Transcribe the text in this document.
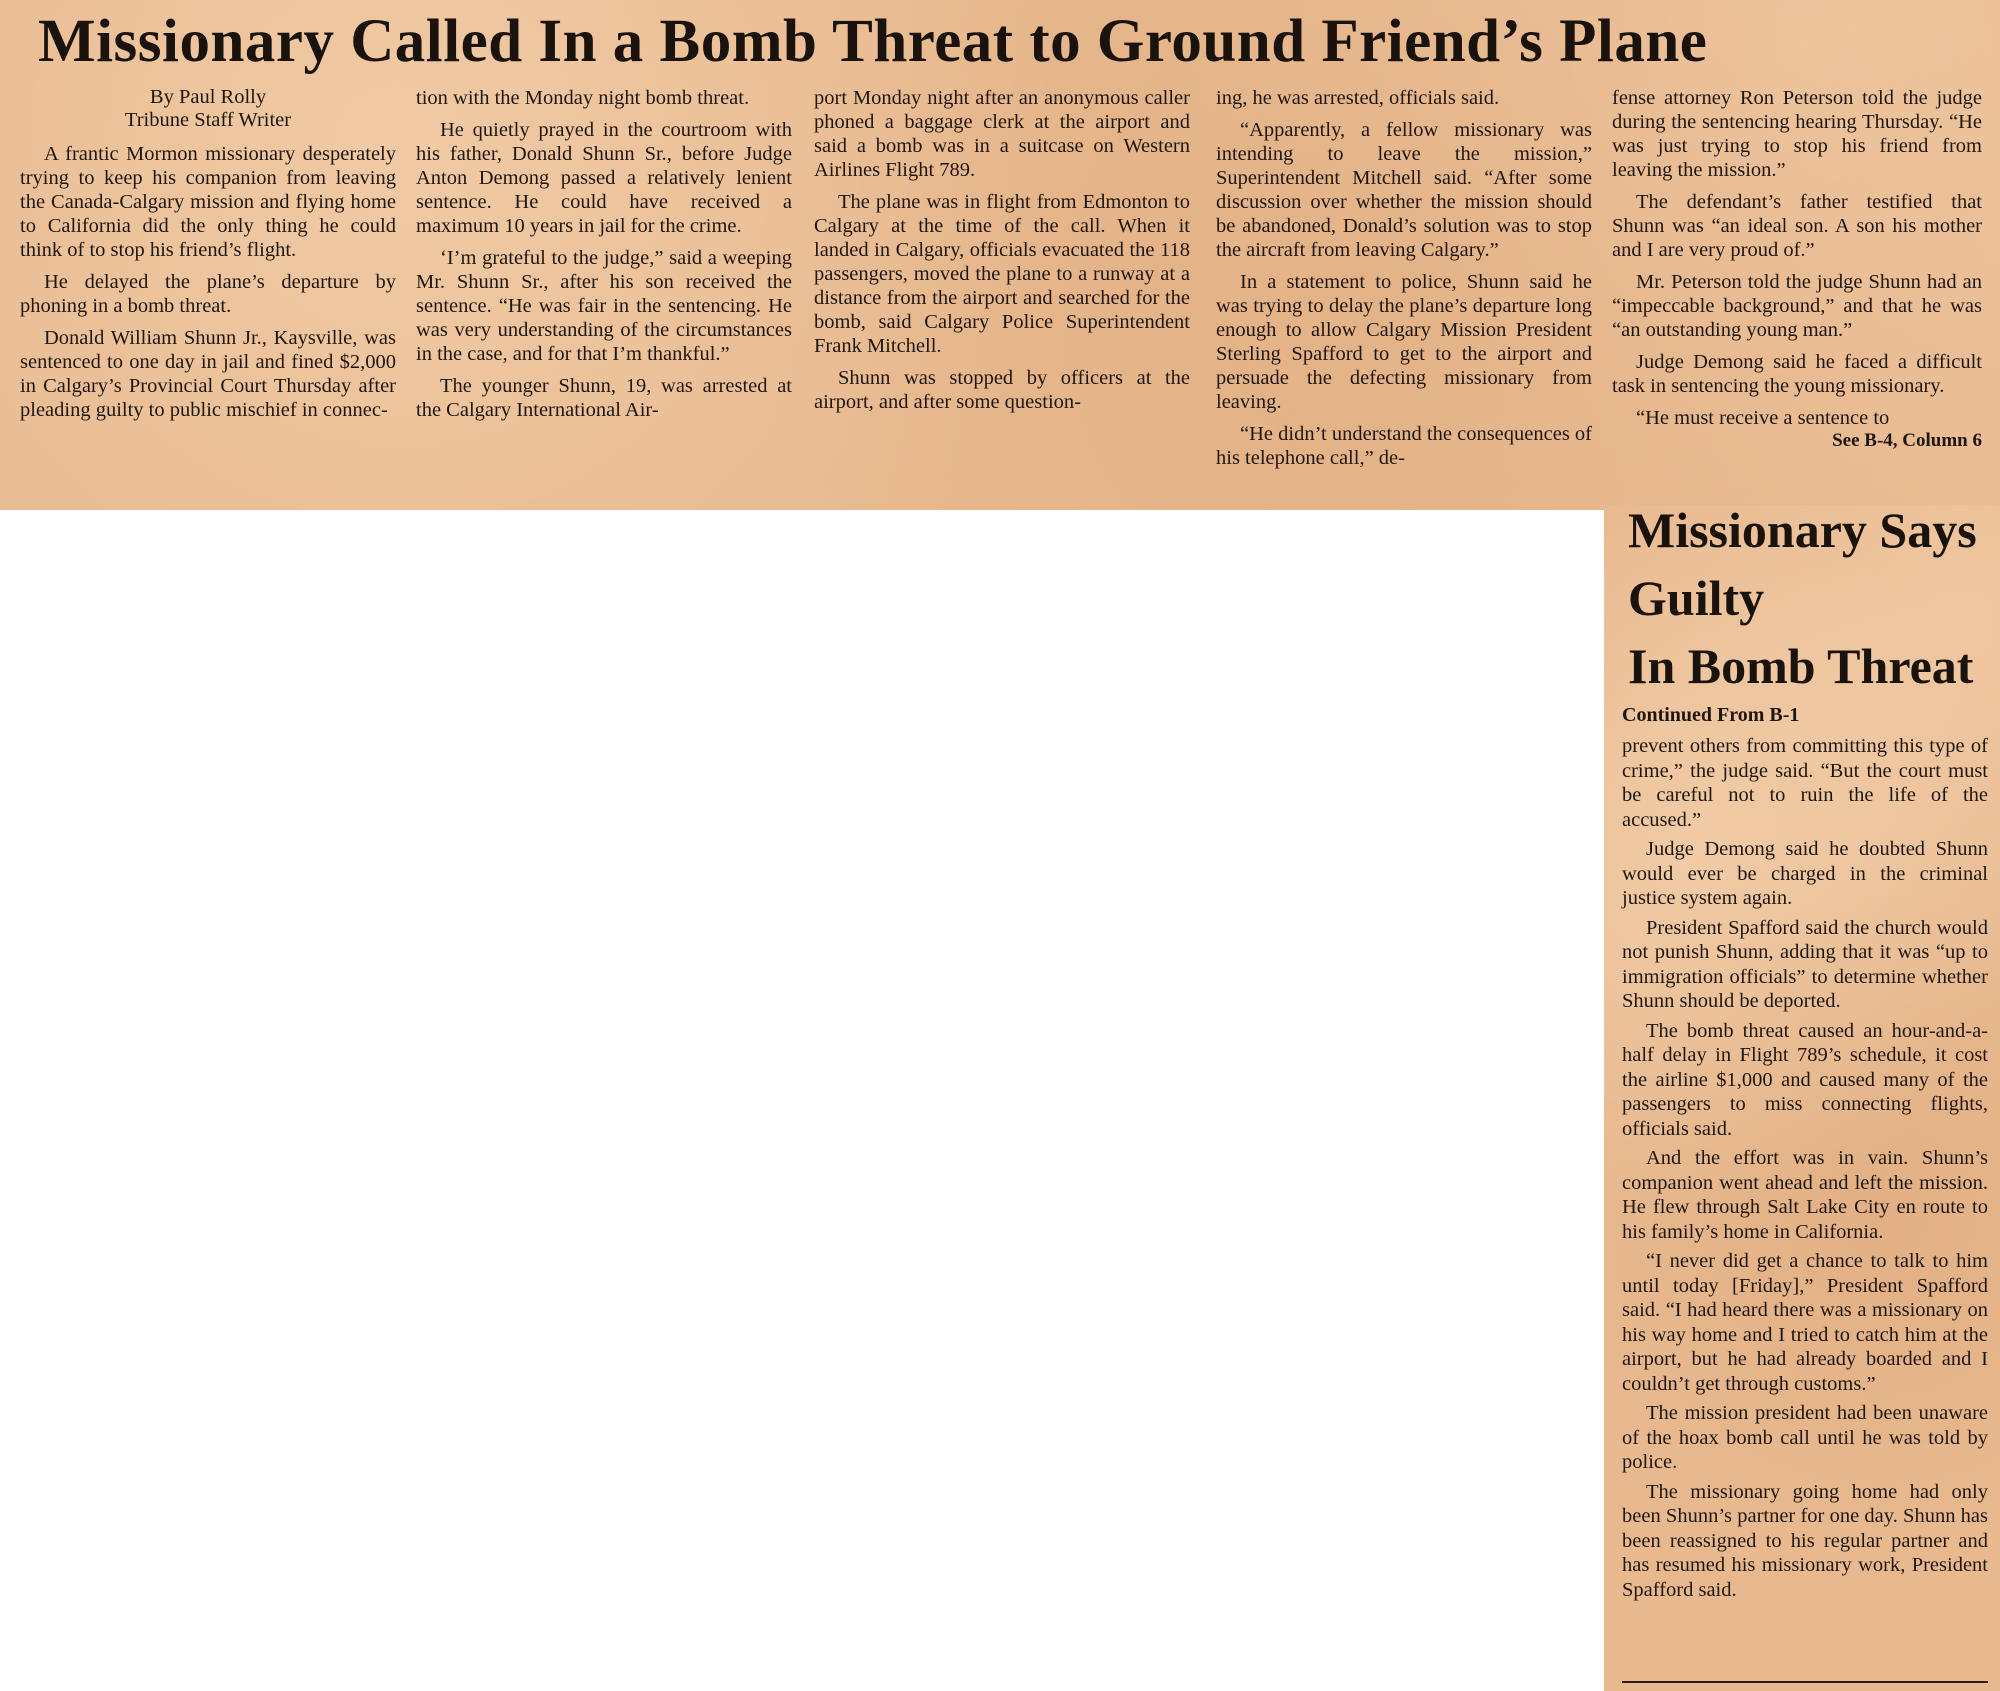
Missionary Called In a Bomb Threat to Ground Friend’s Plane
By Paul Rolly
Tribune Staff Writer

A frantic Mormon missionary desperately trying to keep his companion from leaving the Canada-Calgary mission and flying home to California did the only thing he could think of to stop his friend’s flight.

He delayed the plane’s departure by phoning in a bomb threat.

Donald William Shunn Jr., Kaysville, was sentenced to one day in jail and fined $2,000 in Calgary’s Provincial Court Thursday after pleading guilty to public mischief in connec-

tion with the Monday night bomb threat.

He quietly prayed in the courtroom with his father, Donald Shunn Sr., before Judge Anton Demong passed a relatively lenient sentence. He could have received a maximum 10 years in jail for the crime.

‘I’m grateful to the judge,” said a weeping Mr. Shunn Sr., after his son received the sentence. “He was fair in the sentencing. He was very understanding of the circumstances in the case, and for that I’m thankful.”

The younger Shunn, 19, was arrested at the Calgary International Air-

port Monday night after an anonymous caller phoned a baggage clerk at the airport and said a bomb was in a suitcase on Western Airlines Flight 789.

The plane was in flight from Edmonton to Calgary at the time of the call. When it landed in Calgary, officials evacuated the 118 passengers, moved the plane to a runway at a distance from the airport and searched for the bomb, said Calgary Police Superintendent Frank Mitchell.

Shunn was stopped by officers at the airport, and after some question-

ing, he was arrested, officials said.

“Apparently, a fellow missionary was intending to leave the mission,” Superintendent Mitchell said. “After some discussion over whether the mission should be abandoned, Donald’s solution was to stop the aircraft from leaving Calgary.”

In a statement to police, Shunn said he was trying to delay the plane’s departure long enough to allow Calgary Mission President Sterling Spafford to get to the airport and persuade the defecting missionary from leaving.

“He didn’t understand the consequences of his telephone call,” de-

fense attorney Ron Peterson told the judge during the sentencing hearing Thursday. “He was just trying to stop his friend from leaving the mission.”

The defendant’s father testified that Shunn was “an ideal son. A son his mother and I are very proud of.”

Mr. Peterson told the judge Shunn had an “impeccable background,” and that he was “an outstanding young man.”

Judge Demong said he faced a difficult task in sentencing the young missionary.

“He must receive a sentence to

See B-4, Column 6
Missionary Says
Guilty
In Bomb Threat
Continued From B-1

prevent others from committing this type of crime,” the judge said. “But the court must be careful not to ruin the life of the accused.”

Judge Demong said he doubted Shunn would ever be charged in the criminal justice system again.

President Spafford said the church would not punish Shunn, adding that it was “up to immigration officials” to determine whether Shunn should be deported.

The bomb threat caused an hour-and-a-half delay in Flight 789’s schedule, it cost the airline $1,000 and caused many of the passengers to miss connecting flights, officials said.

And the effort was in vain. Shunn’s companion went ahead and left the mission. He flew through Salt Lake City en route to his family’s home in California.

“I never did get a chance to talk to him until today [Friday],” President Spafford said. “I had heard there was a missionary on his way home and I tried to catch him at the airport, but he had already boarded and I couldn’t get through customs.”

The mission president had been unaware of the hoax bomb call until he was told by police.

The missionary going home had only been Shunn’s partner for one day. Shunn has been reassigned to his regular partner and has resumed his missionary work, President Spafford said.
